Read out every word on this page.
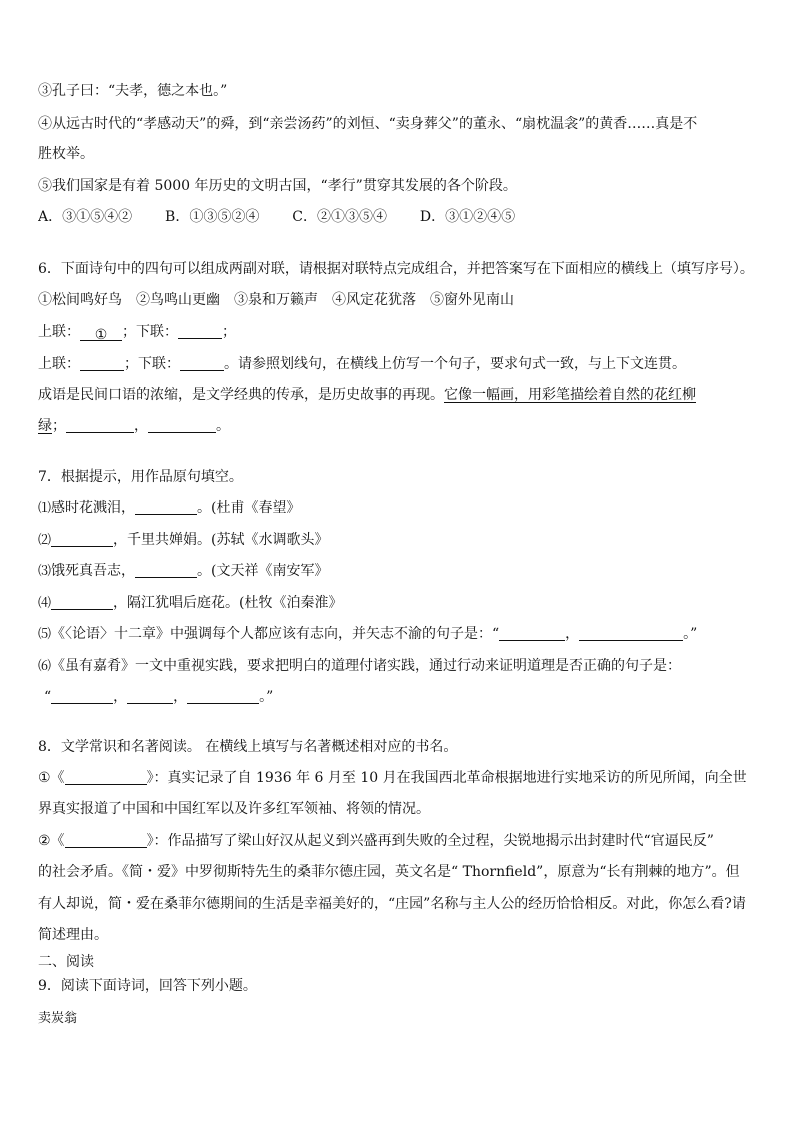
③孔子曰：“夫孝，德之本也。”
④从远古时代的“孝感动天”的舜，到“亲尝汤药”的刘恒、“卖身葬父”的董永、“扇枕温衾”的黄香……真是不
胜枚举。
⑤我们国家是有着 5000 年历史的文明古国，“孝行”贯穿其发展的各个阶段。
A．③①⑤④② B．①③⑤②④ C．②①③⑤④ D．③①②④⑤
6．下面诗句中的四句可以组成两副对联，请根据对联特点完成组合，并把答案写在下面相应的横线上（填写序号）。
①松间鸣好鸟　②鸟鸣山更幽　③泉和万籁声　④风定花犹落　⑤窗外见南山
上联： ① ；下联：	；
上联：	；下联：	。请参照划线句，在横线上仿写一个句子，要求句式一致，与上下文连贯。
成语是民间口语的浓缩，是文学经典的传承，是历史故事的再现。它像一幅画，用彩笔描绘着自然的花红柳
绿；	，	。
7．根据提示，用作品原句填空。
⑴感时花溅泪，	。(杜甫《春望》
⑵	，千里共婵娟。(苏轼《水调歌头》
⑶饿死真吾志，	。(文天祥《南安军》
⑷	，隔江犹唱后庭花。(杜牧《泊秦淮》
⑸《〈论语〉十二章》中强调每个人都应该有志向，并矢志不渝的句子是：“	，	。”
⑹《虽有嘉肴》一文中重视实践，要求把明白的道理付诸实践，通过行动来证明道理是否正确的句子是：
“	，	，	。”
8．文学常识和名著阅读。 在横线上填写与名著概述相对应的书名。
①《	》：真实记录了自 1936 年 6 月至 10 月在我国西北革命根据地进行实地采访的所见所闻，向全世
界真实报道了中国和中国红军以及许多红军领袖、将领的情况。
②《	》：作品描写了梁山好汉从起义到兴盛再到失败的全过程，尖锐地揭示出封建时代“官逼民反”
的社会矛盾。《简・爱》中罗彻斯特先生的桑菲尔德庄园，英文名是“ Thornfield”，原意为“长有荆棘的地方”。但
有人却说，简・爱在桑菲尔德期间的生活是幸福美好的，“庄园”名称与主人公的经历恰恰相反。对此，你怎么看?请
简述理由。
二、阅读
9．阅读下面诗词，回答下列小题。
卖炭翁
